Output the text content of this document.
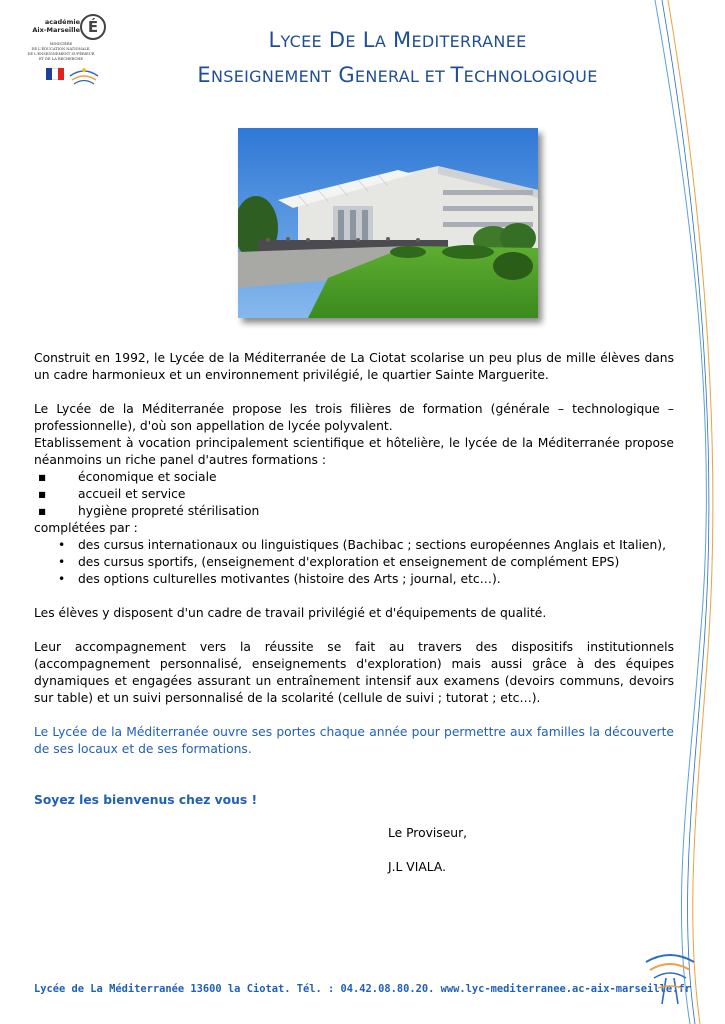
académie
Aix-Marseille É
MINISTÈRE
DE L'ÉDUCATION NATIONALE,
DE L'ENSEIGNEMENT SUPÉRIEUR
ET DE LA RECHERCHE
LYCEE DE LA MEDITERRANEE
ENSEIGNEMENT GENERAL ET TECHNOLOGIQUE
Construit en 1992, le Lycée de la Méditerranée de La Ciotat scolarise un peu plus de mille élèves dans un cadre harmonieux et un environnement privilégié, le quartier Sainte Marguerite.
Le Lycée de la Méditerranée propose les trois filières de formation (générale – technologique – professionnelle), d'où son appellation de lycée polyvalent.
Etablissement à vocation principalement scientifique et hôtelière, le lycée de la Méditerranée propose néanmoins un riche panel d'autres formations :
▪	économique et sociale
▪	accueil et service
▪	hygiène propreté stérilisation
complétées par :
• des cursus internationaux ou linguistiques (Bachibac ; sections européennes Anglais et Italien),
• des cursus sportifs, (enseignement d'exploration et enseignement de complément EPS)
• des options culturelles motivantes (histoire des Arts ; journal, etc…).
Les élèves y disposent d'un cadre de travail privilégié et d'équipements de qualité.
Leur accompagnement vers la réussite se fait au travers des dispositifs institutionnels (accompagnement personnalisé, enseignements d'exploration) mais aussi grâce à des équipes dynamiques et engagées assurant un entraînement intensif aux examens (devoirs communs, devoirs sur table) et un suivi personnalisé de la scolarité (cellule de suivi ; tutorat ; etc…).
Le Lycée de la Méditerranée ouvre ses portes chaque année pour permettre aux familles la découverte de ses locaux et de ses formations.
Soyez les bienvenus chez vous !
Le Proviseur,
J.L VIALA.
Lycée de La Méditerranée 13600 la Ciotat. Tél. : 04.42.08.80.20. www.lyc-mediterranee.ac-aix-marseille.fr
